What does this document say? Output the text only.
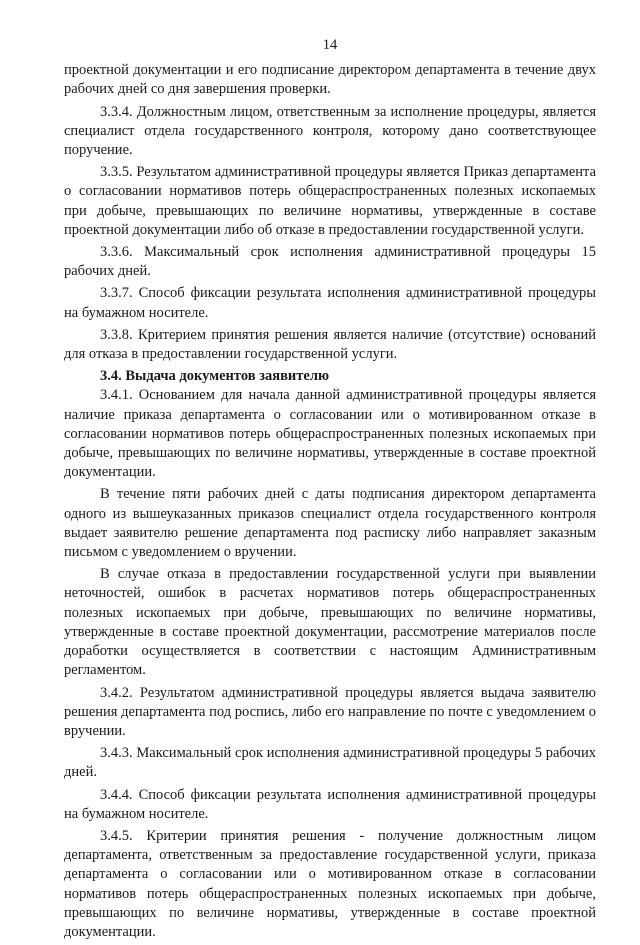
14

проектной документации и его подписание директором департамента в течение двух рабочих дней со дня завершения проверки.

3.3.4. Должностным лицом, ответственным за исполнение процедуры, является специалист отдела государственного контроля, которому дано соответствующее поручение.

3.3.5. Результатом административной процедуры является Приказ департамента о согласовании нормативов потерь общераспространенных полезных ископаемых при добыче, превышающих по величине нормативы, утвержденные в составе проектной документации либо об отказе в предоставлении государственной услуги.

3.3.6. Максимальный срок исполнения административной процедуры 15 рабочих дней.

3.3.7. Способ фиксации результата исполнения административной процедуры на бумажном носителе.

3.3.8. Критерием принятия решения является наличие (отсутствие) оснований для отказа в предоставлении государственной услуги.

3.4. Выдача документов заявителю

3.4.1. Основанием для начала данной административной процедуры является наличие приказа департамента о согласовании или о мотивированном отказе в согласовании нормативов потерь общераспространенных полезных ископаемых при добыче, превышающих по величине нормативы, утвержденные в составе проектной документации.

В течение пяти рабочих дней с даты подписания директором департамента одного из вышеуказанных приказов специалист отдела государственного контроля выдает заявителю решение департамента под расписку либо направляет заказным письмом с уведомлением о вручении.

В случае отказа в предоставлении государственной услуги при выявлении неточностей, ошибок в расчетах нормативов потерь общераспространенных полезных ископаемых при добыче, превышающих по величине нормативы, утвержденные в составе проектной документации, рассмотрение материалов после доработки осуществляется в соответствии с настоящим Административным регламентом.

3.4.2. Результатом административной процедуры является выдача заявителю решения департамента под роспись, либо его направление по почте с уведомлением о вручении.

3.4.3. Максимальный срок исполнения административной процедуры 5 рабочих дней.

3.4.4. Способ фиксации результата исполнения административной процедуры на бумажном носителе.

3.4.5. Критерии принятия решения - получение должностным лицом департамента, ответственным за предоставление государственной услуги, приказа департамента о согласовании или о мотивированном отказе в согласовании нормативов потерь общераспространенных полезных ископаемых при добыче, превышающих по величине нормативы, утвержденные в составе проектной документации.
